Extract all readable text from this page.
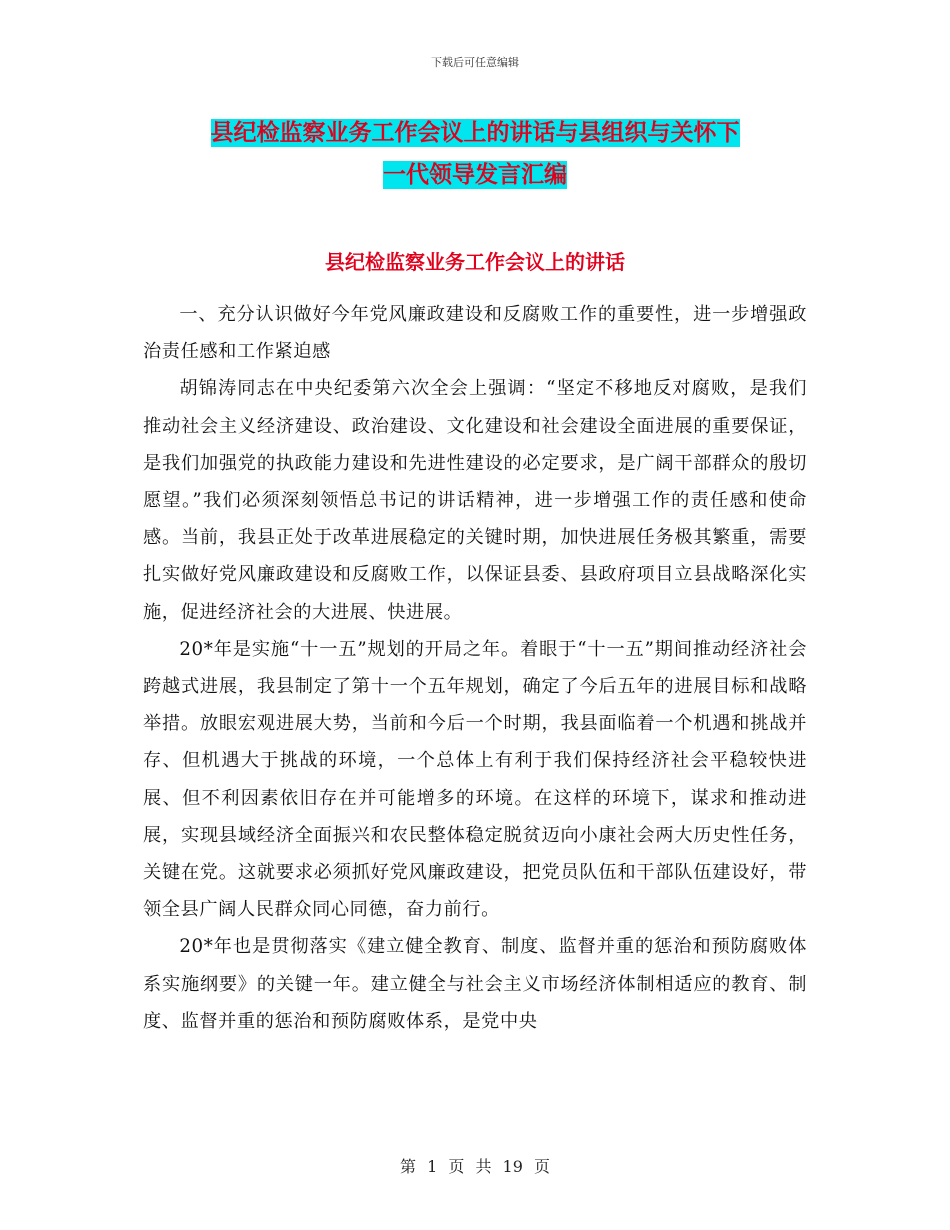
下载后可任意编辑
县纪检监察业务工作会议上的讲话与县组织与关怀下
一代领导发言汇编
县纪检监察业务工作会议上的讲话

一、充分认识做好今年党风廉政建设和反腐败工作的重要性，进一步增强政治责任感和工作紧迫感

胡锦涛同志在中央纪委第六次全会上强调：“坚定不移地反对腐败，是我们推动社会主义经济建设、政治建设、文化建设和社会建设全面进展的重要保证，是我们加强党的执政能力建设和先进性建设的必定要求，是广阔干部群众的殷切愿望。”我们必须深刻领悟总书记的讲话精神，进一步增强工作的责任感和使命感。当前，我县正处于改革进展稳定的关键时期，加快进展任务极其繁重，需要扎实做好党风廉政建设和反腐败工作，以保证县委、县政府项目立县战略深化实施，促进经济社会的大进展、快进展。

20*年是实施“十一五”规划的开局之年。着眼于“十一五”期间推动经济社会跨越式进展，我县制定了第十一个五年规划，确定了今后五年的进展目标和战略举措。放眼宏观进展大势，当前和今后一个时期，我县面临着一个机遇和挑战并存、但机遇大于挑战的环境，一个总体上有利于我们保持经济社会平稳较快进展、但不利因素依旧存在并可能增多的环境。在这样的环境下，谋求和推动进展，实现县域经济全面振兴和农民整体稳定脱贫迈向小康社会两大历史性任务，关键在党。这就要求必须抓好党风廉政建设，把党员队伍和干部队伍建设好，带领全县广阔人民群众同心同德，奋力前行。

20*年也是贯彻落实《建立健全教育、制度、监督并重的惩治和预防腐败体系实施纲要》的关键一年。建立健全与社会主义市场经济体制相适应的教育、制度、监督并重的惩治和预防腐败体系，是党中央

第 1 页 共 19 页
